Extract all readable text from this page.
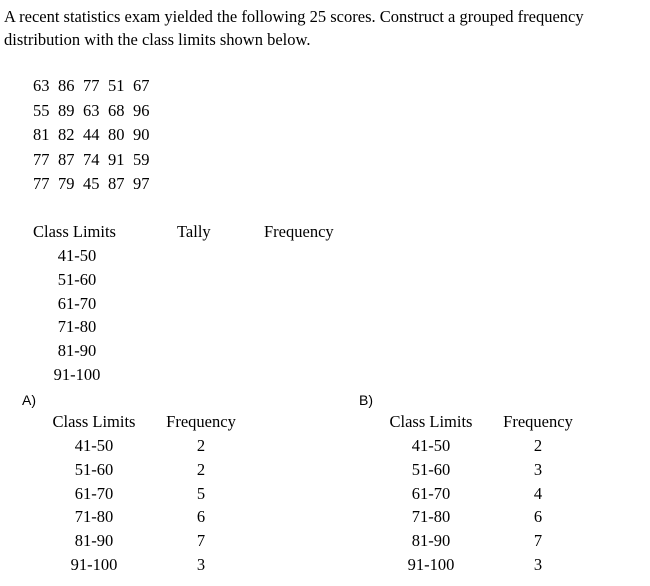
A recent statistics exam yielded the following 25 scores. Construct a grouped frequency distribution with the class limits shown below.

63 86 77 51 67
55 89 63 68 96
81 82 44 80 90
77 87 74 91 59
77 79 45 87 97
Class Limits	Tally	Frequency
41-50
51-60
61-70
71-80
81-90
91-100
A)
Class Limits	Frequency
41-50	2
51-60	2
61-70	5
71-80	6
81-90	7
91-100	3
B)
Class Limits	Frequency
41-50	2
51-60	3
61-70	4
71-80	6
81-90	7
91-100	3
